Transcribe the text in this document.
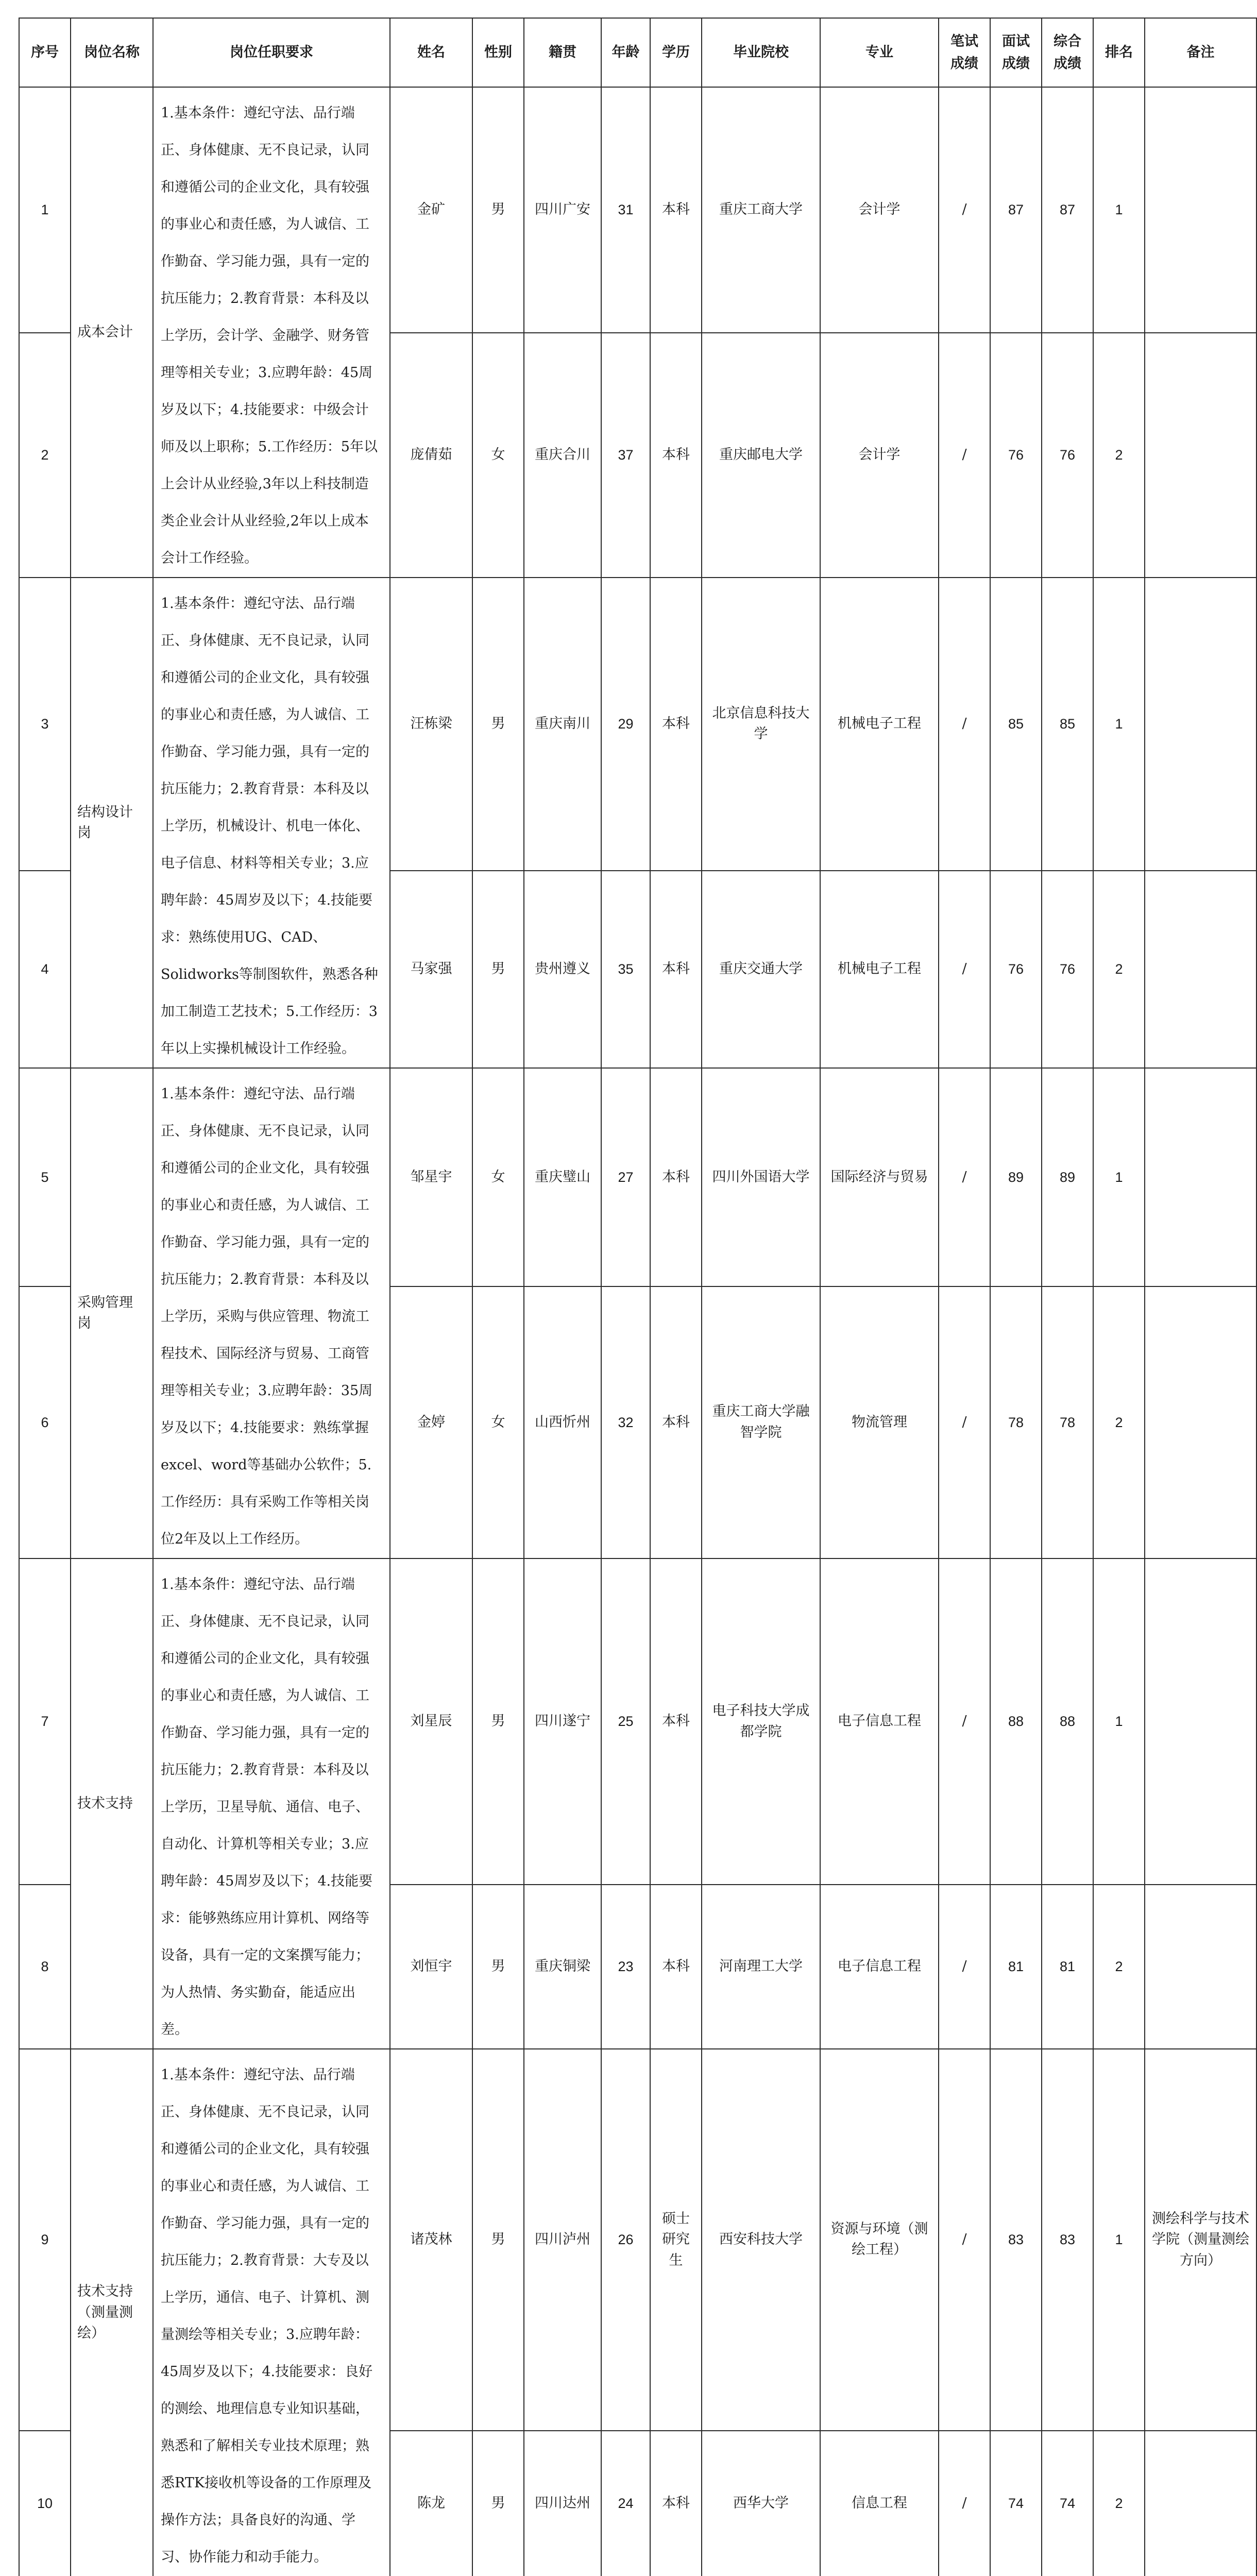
序号	岗位名称	岗位任职要求	姓名	性别	籍贯	年龄	学历	毕业院校	专业	笔试成绩	面试成绩	综合成绩	排名	备注
1	成本会计	1.基本条件：遵纪守法、品行端正、身体健康、无不良记录，认同和遵循公司的企业文化，具有较强的事业心和责任感，为人诚信、工作勤奋、学习能力强，具有一定的抗压能力；2.教育背景：本科及以上学历，会计学、金融学、财务管理等相关专业；3.应聘年龄：45周岁及以下；4.技能要求：中级会计师及以上职称；5.工作经历：5年以上会计从业经验,3年以上科技制造类企业会计从业经验,2年以上成本会计工作经验。	金矿	男	四川广安	31	本科	重庆工商大学	会计学	/	87	87	1	
2			庞倩茹	女	重庆合川	37	本科	重庆邮电大学	会计学	/	76	76	2	
3	结构设计岗	1.基本条件：遵纪守法、品行端正、身体健康、无不良记录，认同和遵循公司的企业文化，具有较强的事业心和责任感，为人诚信、工作勤奋、学习能力强，具有一定的抗压能力；2.教育背景：本科及以上学历，机械设计、机电一体化、电子信息、材料等相关专业；3.应聘年龄：45周岁及以下；4.技能要求：熟练使用UG、CAD、Solidworks等制图软件，熟悉各种加工制造工艺技术；5.工作经历：3年以上实操机械设计工作经验。	汪栋梁	男	重庆南川	29	本科	北京信息科技大学	机械电子工程	/	85	85	1	
4			马家强	男	贵州遵义	35	本科	重庆交通大学	机械电子工程	/	76	76	2	
5	采购管理岗	1.基本条件：遵纪守法、品行端正、身体健康、无不良记录，认同和遵循公司的企业文化，具有较强的事业心和责任感，为人诚信、工作勤奋、学习能力强，具有一定的抗压能力；2.教育背景：本科及以上学历，采购与供应管理、物流工程技术、国际经济与贸易、工商管理等相关专业；3.应聘年龄：35周岁及以下；4.技能要求：熟练掌握excel、word等基础办公软件；5.工作经历：具有采购工作等相关岗位2年及以上工作经历。	邹星宇	女	重庆璧山	27	本科	四川外国语大学	国际经济与贸易	/	89	89	1	
6			金婷	女	山西忻州	32	本科	重庆工商大学融智学院	物流管理	/	78	78	2	
7	技术支持	1.基本条件：遵纪守法、品行端正、身体健康、无不良记录，认同和遵循公司的企业文化，具有较强的事业心和责任感，为人诚信、工作勤奋、学习能力强，具有一定的抗压能力；2.教育背景：本科及以上学历，卫星导航、通信、电子、自动化、计算机等相关专业；3.应聘年龄：45周岁及以下；4.技能要求：能够熟练应用计算机、网络等设备，具有一定的文案撰写能力；为人热情、务实勤奋，能适应出差。	刘星辰	男	四川遂宁	25	本科	电子科技大学成都学院	电子信息工程	/	88	88	1	
8			刘恒宇	男	重庆铜梁	23	本科	河南理工大学	电子信息工程	/	81	81	2	
9	技术支持（测量测绘）	1.基本条件：遵纪守法、品行端正、身体健康、无不良记录，认同和遵循公司的企业文化，具有较强的事业心和责任感，为人诚信、工作勤奋、学习能力强，具有一定的抗压能力；2.教育背景：大专及以上学历，通信、电子、计算机、测量测绘等相关专业；3.应聘年龄：45周岁及以下；4.技能要求：良好的测绘、地理信息专业知识基础，熟悉和了解相关专业技术原理；熟悉RTK接收机等设备的工作原理及操作方法；具备良好的沟通、学习、协作能力和动手能力。	诸茂林	男	四川泸州	26	硕士研究生	西安科技大学	资源与环境（测绘工程）	/	83	83	1	测绘科学与技术学院（测量测绘方向）
10			陈龙	男	四川达州	24	本科	西华大学	信息工程	/	74	74	2	
